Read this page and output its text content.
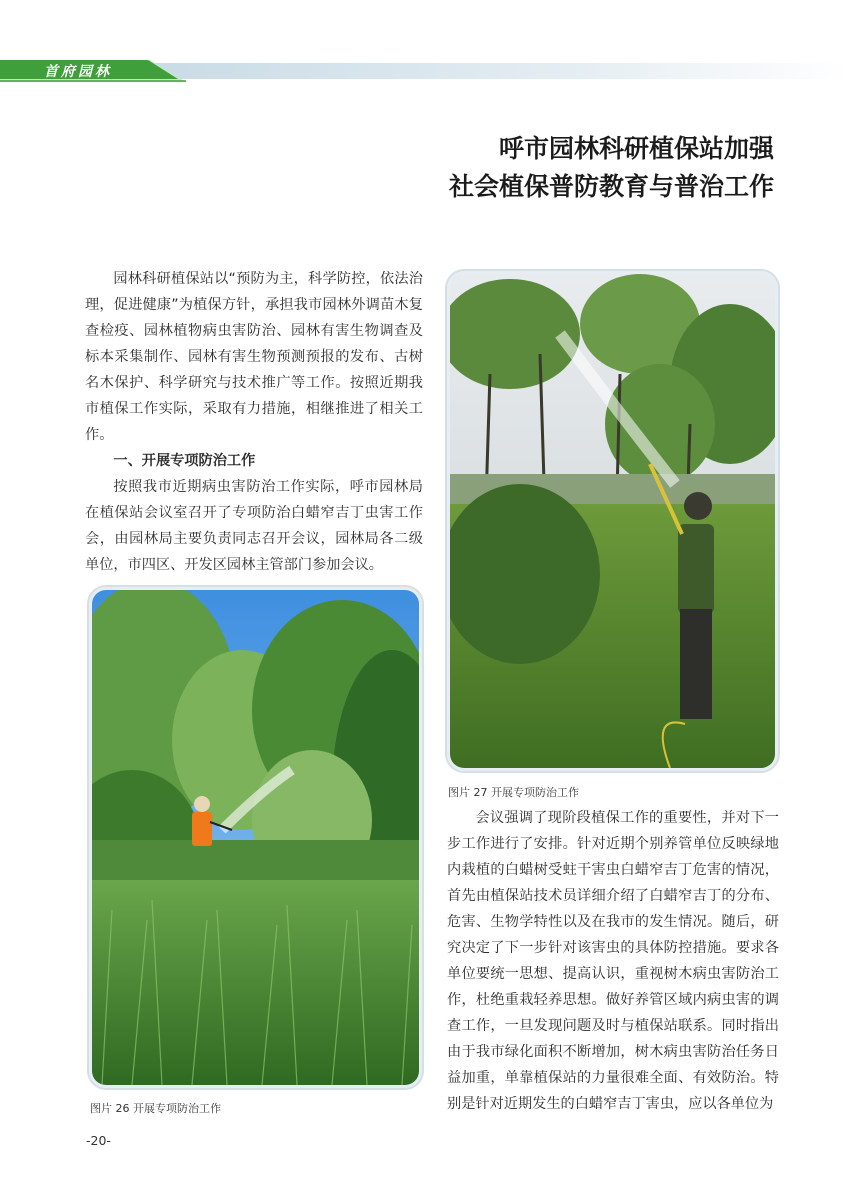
首府园林
呼市园林科研植保站加强
社会植保普防教育与普治工作

园林科研植保站以“预防为主，科学防控，依法治理，促进健康”为植保方针，承担我市园林外调苗木复查检疫、园林植物病虫害防治、园林有害生物调查及标本采集制作、园林有害生物预测预报的发布、古树名木保护、科学研究与技术推广等工作。按照近期我市植保工作实际，采取有力措施，相继推进了相关工作。

一、开展专项防治工作

按照我市近期病虫害防治工作实际，呼市园林局在植保站会议室召开了专项防治白蜡窄吉丁虫害工作会，由园林局主要负责同志召开会议，园林局各二级单位，市四区、开发区园林主管部门参加会议。

图片 27 开展专项防治工作

会议强调了现阶段植保工作的重要性，并对下一步工作进行了安排。针对近期个别养管单位反映绿地内栽植的白蜡树受蛀干害虫白蜡窄吉丁危害的情况，首先由植保站技术员详细介绍了白蜡窄吉丁的分布、危害、生物学特性以及在我市的发生情况。随后，研究决定了下一步针对该害虫的具体防控措施。要求各单位要统一思想、提高认识，重视树木病虫害防治工作，杜绝重栽轻养思想。做好养管区域内病虫害的调查工作，一旦发现问题及时与植保站联系。同时指出由于我市绿化面积不断增加，树木病虫害防治任务日益加重，单靠植保站的力量很难全面、有效防治。特别是针对近期发生的白蜡窄吉丁害虫，应以各单位为

图片 26 开展专项防治工作
-20-
